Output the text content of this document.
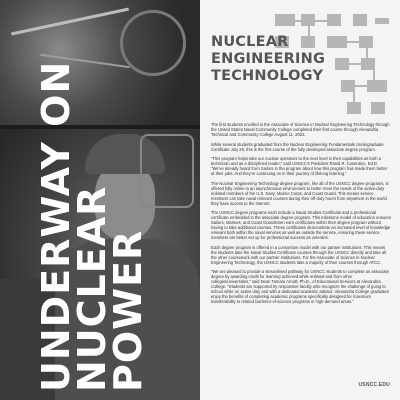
UNDERWAY ON
NUCLEAR
POWER
NUCLEAR
ENGINEERING
TECHNOLOGY

The first students enrolled in the Associate of Science in Nuclear Engineering Technology through the United States Naval Community College completed their first course through Alexandria Technical and Community College August 11, 2022.

While several students graduated from the Nuclear Engineering Fundamentals Undergraduate Certificate July 29, this is the first course of the fully developed associate degree program.

"This program helps take our nuclear operators to the next level in their capabilities as both a technician and as a disciplined leader," said USNCC's President Randi R. Cosentino, Ed.D. "We've already heard from Sailors in the program about how this program has made them better at their jobs. And they're continuing on in their journey of lifelong learning."

The Nuclear Engineering Technology degree program, like all of the USNCC degree programs, is offered fully online in an asynchronous environment to better meet the needs of the active-duty enlisted members of the U.S. Navy, Marine Corps, and Coast Guard. This means service members can take naval relevant courses during their off-duty hours from anywhere in the world they have access to the internet.

The USNCC degree programs each include a Naval Studies Certificate and a professional certificate embedded in the associate degree program. This milestone model of education ensures Sailors, Marines, and Coast Guardsmen earn certificates within their degree program without having to take additional courses. These certificates demonstrate an increased level of knowledge relevant both within the naval services as well as outside the service, ensuring these service members are better set up for professional success as veterans.

Each degree program is offered in a consortium model with our partner institutions. This means the students take the Naval Studies Certificate courses through the USNCC directly and take all the other coursework with our partner institutions. For the Associate of Science in Nuclear Engineering Technology, the USNCC students take a majority of their courses through ATCC.

"We are pleased to provide a streamlined pathway for USNCC students to complete an associate degree by awarding credit for learning achieved while enlisted and from other colleges/universities," said Dean Tamara Arnott, Ph.D., of Educational Services at Alexandria College. "Students are supported by responsive faculty who recognize the challenge of going to school while on active duty and with a dedicated academic advisor. Alexandria College graduates enjoy the benefits of completing academic programs specifically designed for maximum transferability to related bachelor-of-science programs in high-demand areas."

USNCC.EDU
